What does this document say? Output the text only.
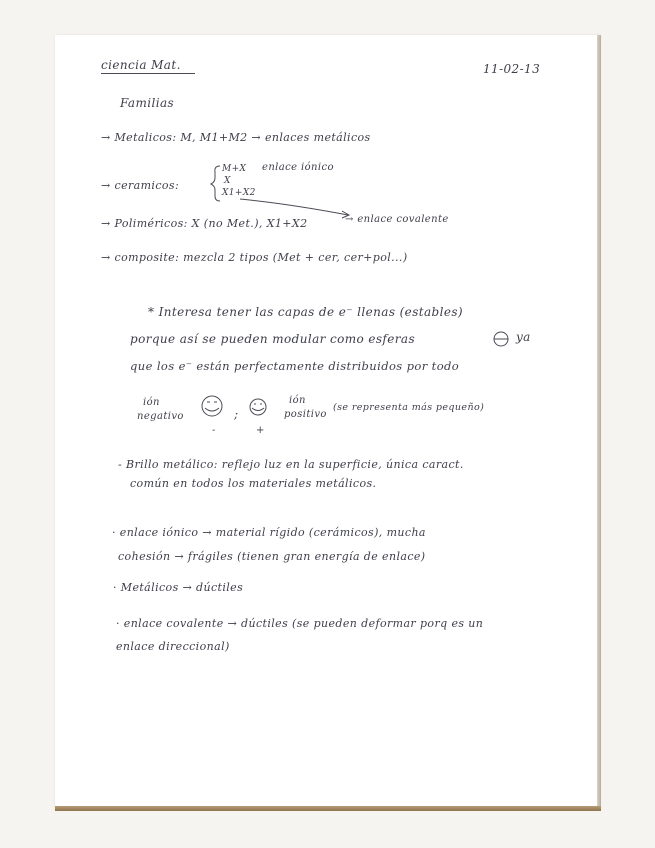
ciencia Mat.	11-02-13
Familias
→ Metalicos: M, M1+M2 → enlaces metálicos
→ ceramicos:
M+X
X
X1+X2
enlace iónico
→ Poliméricos: X (no Met.), X1+X2	→ enlace covalente
→ composite: mezcla 2 tipos (Met + cer, cer+pol...)
* Interesa tener las capas de e⁻ llenas (estables)
porque así se pueden modular como esferas	ya
que los e⁻ están perfectamente distribuidos por todo
ión
negativo
-
;
+
ión
positivo
(se representa más pequeño)
- Brillo metálico: reflejo luz en la superficie, única caract.
común en todos los materiales metálicos.
· enlace iónico → material rígido (cerámicos), mucha
cohesión → frágiles (tienen gran energía de enlace)
· Metálicos → dúctiles
· enlace covalente → dúctiles (se pueden deformar porq es un
enlace direccional)
